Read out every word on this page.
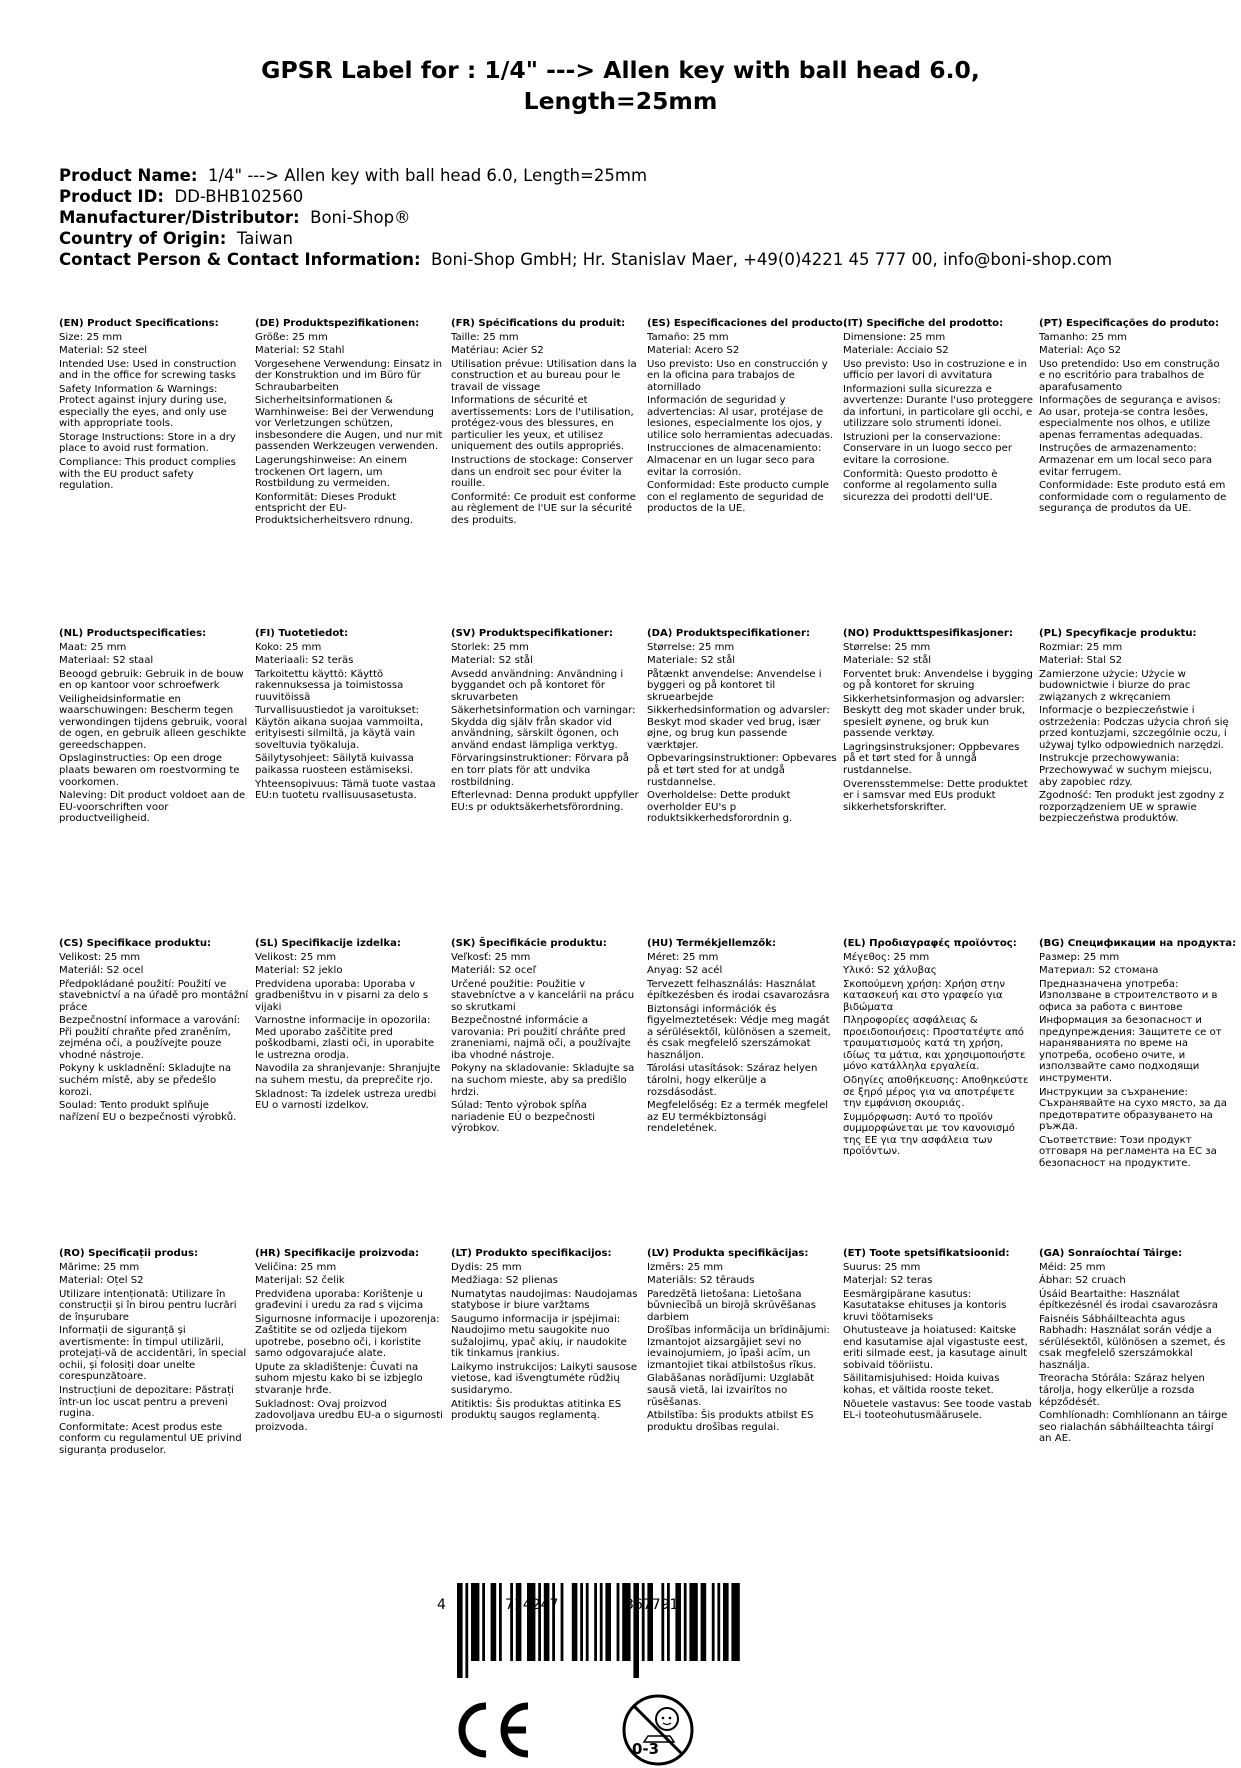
GPSR Label for : 1/4" ---> Allen key with ball head 6.0,
Length=25mm
Product Name: 1/4" ---> Allen key with ball head 6.0, Length=25mm
Product ID: DD-BHB102560
Manufacturer/Distributor: Boni-Shop®
Country of Origin: Taiwan
Contact Person & Contact Information: Boni-Shop GmbH; Hr. Stanislav Maer, +49(0)4221 45 777 00, info@boni-shop.com
(EN) Product Specifications:
Size: 25 mm
Material: S2 steel
Intended Use: Used in construction and in the office for screwing tasks
Safety Information & Warnings: Protect against injury during use, especially the eyes, and only use with appropriate tools.
Storage Instructions: Store in a dry place to avoid rust formation.
Compliance: This product complies with the EU product safety regulation.
(DE) Produktspezifikationen:
Größe: 25 mm
Material: S2 Stahl
Vorgesehene Verwendung: Einsatz in der Konstruktion und im Büro für Schraubarbeiten
Sicherheitsinformationen & Warnhinweise: Bei der Verwendung vor Verletzungen schützen, insbesondere die Augen, und nur mit passenden Werkzeugen verwenden.
Lagerungshinweise: An einem trockenen Ort lagern, um Rostbildung zu vermeiden.
Konformität: Dieses Produkt entspricht der EU-Produktsicherheitsvero rdnung.
(FR) Spécifications du produit:
Taille: 25 mm
Matériau: Acier S2
Utilisation prévue: Utilisation dans la construction et au bureau pour le travail de vissage
Informations de sécurité et avertissements: Lors de l'utilisation, protégez-vous des blessures, en particulier les yeux, et utilisez uniquement des outils appropriés.
Instructions de stockage: Conserver dans un endroit sec pour éviter la rouille.
Conformité: Ce produit est conforme au règlement de l'UE sur la sécurité des produits.
(ES) Especificaciones del producto:
Tamaño: 25 mm
Material: Acero S2
Uso previsto: Uso en construcción y en la oficina para trabajos de atornillado
Información de seguridad y advertencias: Al usar, protéjase de lesiones, especialmente los ojos, y utilice solo herramientas adecuadas.
Instrucciones de almacenamiento: Almacenar en un lugar seco para evitar la corrosión.
Conformidad: Este producto cumple con el reglamento de seguridad de productos de la UE.
(IT) Specifiche del prodotto:
Dimensione: 25 mm
Materiale: Acciaio S2
Uso previsto: Uso in costruzione e in ufficio per lavori di avvitatura
Informazioni sulla sicurezza e avvertenze: Durante l'uso proteggere da infortuni, in particolare gli occhi, e utilizzare solo strumenti idonei.
Istruzioni per la conservazione: Conservare in un luogo secco per evitare la corrosione.
Conformità: Questo prodotto è conforme al regolamento sulla sicurezza dei prodotti dell'UE.
(PT) Especificações do produto:
Tamanho: 25 mm
Material: Aço S2
Uso pretendido: Uso em construção e no escritório para trabalhos de aparafusamento
Informações de segurança e avisos: Ao usar, proteja-se contra lesões, especialmente nos olhos, e utilize apenas ferramentas adequadas.
Instruções de armazenamento: Armazenar em um local seco para evitar ferrugem.
Conformidade: Este produto está em conformidade com o regulamento de segurança de produtos da UE.
(NL) Productspecificaties:
Maat: 25 mm
Materiaal: S2 staal
Beoogd gebruik: Gebruik in de bouw en op kantoor voor schroefwerk
Veiligheidsinformatie en waarschuwingen: Bescherm tegen verwondingen tijdens gebruik, vooral de ogen, en gebruik alleen geschikte gereedschappen.
Opslaginstructies: Op een droge plaats bewaren om roestvorming te voorkomen.
Naleving: Dit product voldoet aan de EU-voorschriften voor productveiligheid.
(FI) Tuotetiedot:
Koko: 25 mm
Materiaali: S2 teräs
Tarkoitettu käyttö: Käyttö rakennuksessa ja toimistossa ruuvitöissä
Turvallisuustiedot ja varoitukset: Käytön aikana suojaa vammoilta, erityisesti silmiltä, ja käytä vain soveltuvia työkaluja.
Säilytysohjeet: Säilytä kuivassa paikassa ruosteen estämiseksi.
Yhteensopivuus: Tämä tuote vastaa EU:n tuotetu rvallisuusasetusta.
(SV) Produktspecifikationer:
Storlek: 25 mm
Material: S2 stål
Avsedd användning: Användning i byggandet och på kontoret för skruvarbeten
Säkerhetsinformation och varningar: Skydda dig själv från skador vid användning, särskilt ögonen, och använd endast lämpliga verktyg.
Förvaringsinstruktioner: Förvara på en torr plats för att undvika rostbildning.
Efterlevnad: Denna produkt uppfyller EU:s pr oduktsäkerhetsförordning.
(DA) Produktspecifikationer:
Størrelse: 25 mm
Materiale: S2 stål
Påtænkt anvendelse: Anvendelse i byggeri og på kontoret til skruearbejde
Sikkerhedsinformation og advarsler: Beskyt mod skader ved brug, især øjne, og brug kun passende værktøjer.
Opbevaringsinstruktioner: Opbevares på et tørt sted for at undgå rustdannelse.
Overholdelse: Dette produkt overholder EU's p roduktsikkerhedsforordnin g.
(NO) Produkttspesifikasjoner:
Størrelse: 25 mm
Materiale: S2 stål
Forventet bruk: Anvendelse i bygging og på kontoret for skruing
Sikkerhetsinformasjon og advarsler: Beskytt deg mot skader under bruk, spesielt øynene, og bruk kun passende verktøy.
Lagringsinstruksjoner: Oppbevares på et tørt sted for å unngå rustdannelse.
Overensstemmelse: Dette produktet er i samsvar med EUs produkt sikkerhetsforskrifter.
(PL) Specyfikacje produktu:
Rozmiar: 25 mm
Materiał: Stal S2
Zamierzone użycie: Użycie w budownictwie i biurze do prac związanych z wkręcaniem
Informacje o bezpieczeństwie i ostrzeżenia: Podczas użycia chroń się przed kontuzjami, szczególnie oczu, i używaj tylko odpowiednich narzędzi.
Instrukcje przechowywania: Przechowywać w suchym miejscu, aby zapobiec rdzy.
Zgodność: Ten produkt jest zgodny z rozporządzeniem UE w sprawie bezpieczeństwa produktów.
(CS) Specifikace produktu:
Velikost: 25 mm
Materiál: S2 ocel
Předpokládané použití: Použití ve stavebnictví a na úřadě pro montážní práce
Bezpečnostní informace a varování: Při použití chraňte před zraněním, zejména oči, a používejte pouze vhodné nástroje.
Pokyny k uskladnění: Skladujte na suchém místě, aby se předešlo korozi.
Soulad: Tento produkt splňuje nařízení EU o bezpečnosti výrobků.
(SL) Specifikacije izdelka:
Velikost: 25 mm
Material: S2 jeklo
Predvidena uporaba: Uporaba v gradbeništvu in v pisarni za delo s vijaki
Varnostne informacije in opozorila: Med uporabo zaščitite pred poškodbami, zlasti oči, in uporabite le ustrezna orodja.
Navodila za shranjevanje: Shranjujte na suhem mestu, da preprečite rjo.
Skladnost: Ta izdelek ustreza uredbi EU o varnosti izdelkov.
(SK) Špecifikácie produktu:
Veľkosť: 25 mm
Materiál: S2 oceľ
Určené použitie: Použitie v stavebníctve a v kancelárii na prácu so skrutkami
Bezpečnostné informácie a varovania: Pri použití chráňte pred zraneniami, najmä oči, a používajte iba vhodné nástroje.
Pokyny na skladovanie: Skladujte sa na suchom mieste, aby sa predišlo hrdzi.
Súlad: Tento výrobok spĺňa nariadenie EÚ o bezpečnosti výrobkov.
(HU) Termékjellemzők:
Méret: 25 mm
Anyag: S2 acél
Tervezett felhasználás: Használat építkezésben és irodai csavarozásra
Biztonsági információk és figyelmeztetések: Védje meg magát a sérülésektől, különösen a szemeit, és csak megfelelő szerszámokat használjon.
Tárolási utasítások: Száraz helyen tárolni, hogy elkerülje a rozsdásodást.
Megfelelőség: Ez a termék megfelel az EU termékbiztonsági rendeletének.
(EL) Προδιαγραφές προϊόντος:
Μέγεθος: 25 mm
Υλικό: S2 χάλυβας
Σκοπούμενη χρήση: Χρήση στην κατασκευή και στο γραφείο για βιδώματα
Πληροφορίες ασφάλειας & προειδοποιήσεις: Προστατέψτε από τραυματισμούς κατά τη χρήση, ιδίως τα μάτια, και χρησιμοποιήστε μόνο κατάλληλα εργαλεία.
Οδηγίες αποθήκευσης: Αποθηκεύστε σε ξηρό μέρος για να αποτρέψετε την εμφάνιση σκουριάς.
Συμμόρφωση: Αυτό το προϊόν συμμορφώνεται με τον κανονισμό της ΕΕ για την ασφάλεια των προϊόντων.
(BG) Спецификации на продукта:
Размер: 25 mm
Материал: S2 стомана
Предназначена употреба: Използване в строителството и в офиса за работа с винтове
Информация за безопасност и предупреждения: Защитете се от нараняванията по време на употреба, особено очите, и използвайте само подходящи инструменти.
Инструкции за съхранение: Съхранявайте на сухо място, за да предотвратите образуването на ръжда.
Съответствие: Този продукт отговаря на регламента на ЕС за безопасност на продуктите.
(RO) Specificații produs:
Mărime: 25 mm
Material: Oțel S2
Utilizare intenționată: Utilizare în construcții și în birou pentru lucrări de înșurubare
Informații de siguranță și avertismente: În timpul utilizării, protejați-vă de accidentări, în special ochii, și folosiți doar unelte corespunzătoare.
Instrucțiuni de depozitare: Păstrați într-un loc uscat pentru a preveni rugina.
Conformitate: Acest produs este conform cu regulamentul UE privind siguranța produselor.
(HR) Specifikacije proizvoda:
Veličina: 25 mm
Materijal: S2 čelik
Predviđena uporaba: Korištenje u građevini i uredu za rad s vijcima
Sigurnosne informacije i upozorenja: Zaštitite se od ozljeda tijekom upotrebe, posebno oči, i koristite samo odgovarajuće alate.
Upute za skladištenje: Čuvati na suhom mjestu kako bi se izbjeglo stvaranje hrđe.
Sukladnost: Ovaj proizvod zadovoljava uredbu EU-a o sigurnosti proizvoda.
(LT) Produkto specifikacijos:
Dydis: 25 mm
Medžiaga: S2 plienas
Numatytas naudojimas: Naudojamas statybose ir biure varžtams
Saugumo informacija ir įspėjimai: Naudojimo metu saugokite nuo sužalojimų, ypač akių, ir naudokite tik tinkamus įrankius.
Laikymo instrukcijos: Laikyti sausose vietose, kad išvengtumėte rūdžių susidarymo.
Atitiktis: Šis produktas atitinka ES produktų saugos reglamentą.
(LV) Produkta specifikācijas:
Izmērs: 25 mm
Materiāls: S2 tērauds
Paredzētā lietošana: Lietošana būvniecībā un birojā skrūvēšanas darbiem
Drošības informācija un brīdinājumi: Izmantojot aizsargājiet sevi no ievainojumiem, jo īpaši acīm, un izmantojiet tikai atbilstošus rīkus.
Glabāšanas norādījumi: Uzglabāt sausā vietā, lai izvairītos no rūsēšanas.
Atbilstība: Šis produkts atbilst ES produktu drošības regulai.
(ET) Toote spetsifikatsioonid:
Suurus: 25 mm
Materjal: S2 teras
Eesmärgipärane kasutus: Kasutatakse ehituses ja kontoris kruvi töötamiseks
Ohutusteave ja hoiatused: Kaitske end kasutamise ajal vigastuste eest, eriti silmade eest, ja kasutage ainult sobivaid tööriistu.
Säilitamisjuhised: Hoida kuivas kohas, et vältida rooste teket.
Nõuetele vastavus: See toode vastab EL-i tooteohutusmäärusele.
(GA) Sonraíochtaí Táirge:
Méid: 25 mm
Ábhar: S2 cruach
Úsáid Beartaithe: Használat építkezésnél és irodai csavarozásra
Faisnéis Sábháilteachta agus Rabhadh: Használat során védje a sérülésektől, különösen a szemet, és csak megfelelő szerszámokkal használja.
Treoracha Stórála: Száraz helyen tárolja, hogy elkerülje a rozsda képződését.
Comhlíonadh: Comhlíonann an táirge seo rialachán sábháilteachta táirgí an AE.
4	714247	367791
0-3
